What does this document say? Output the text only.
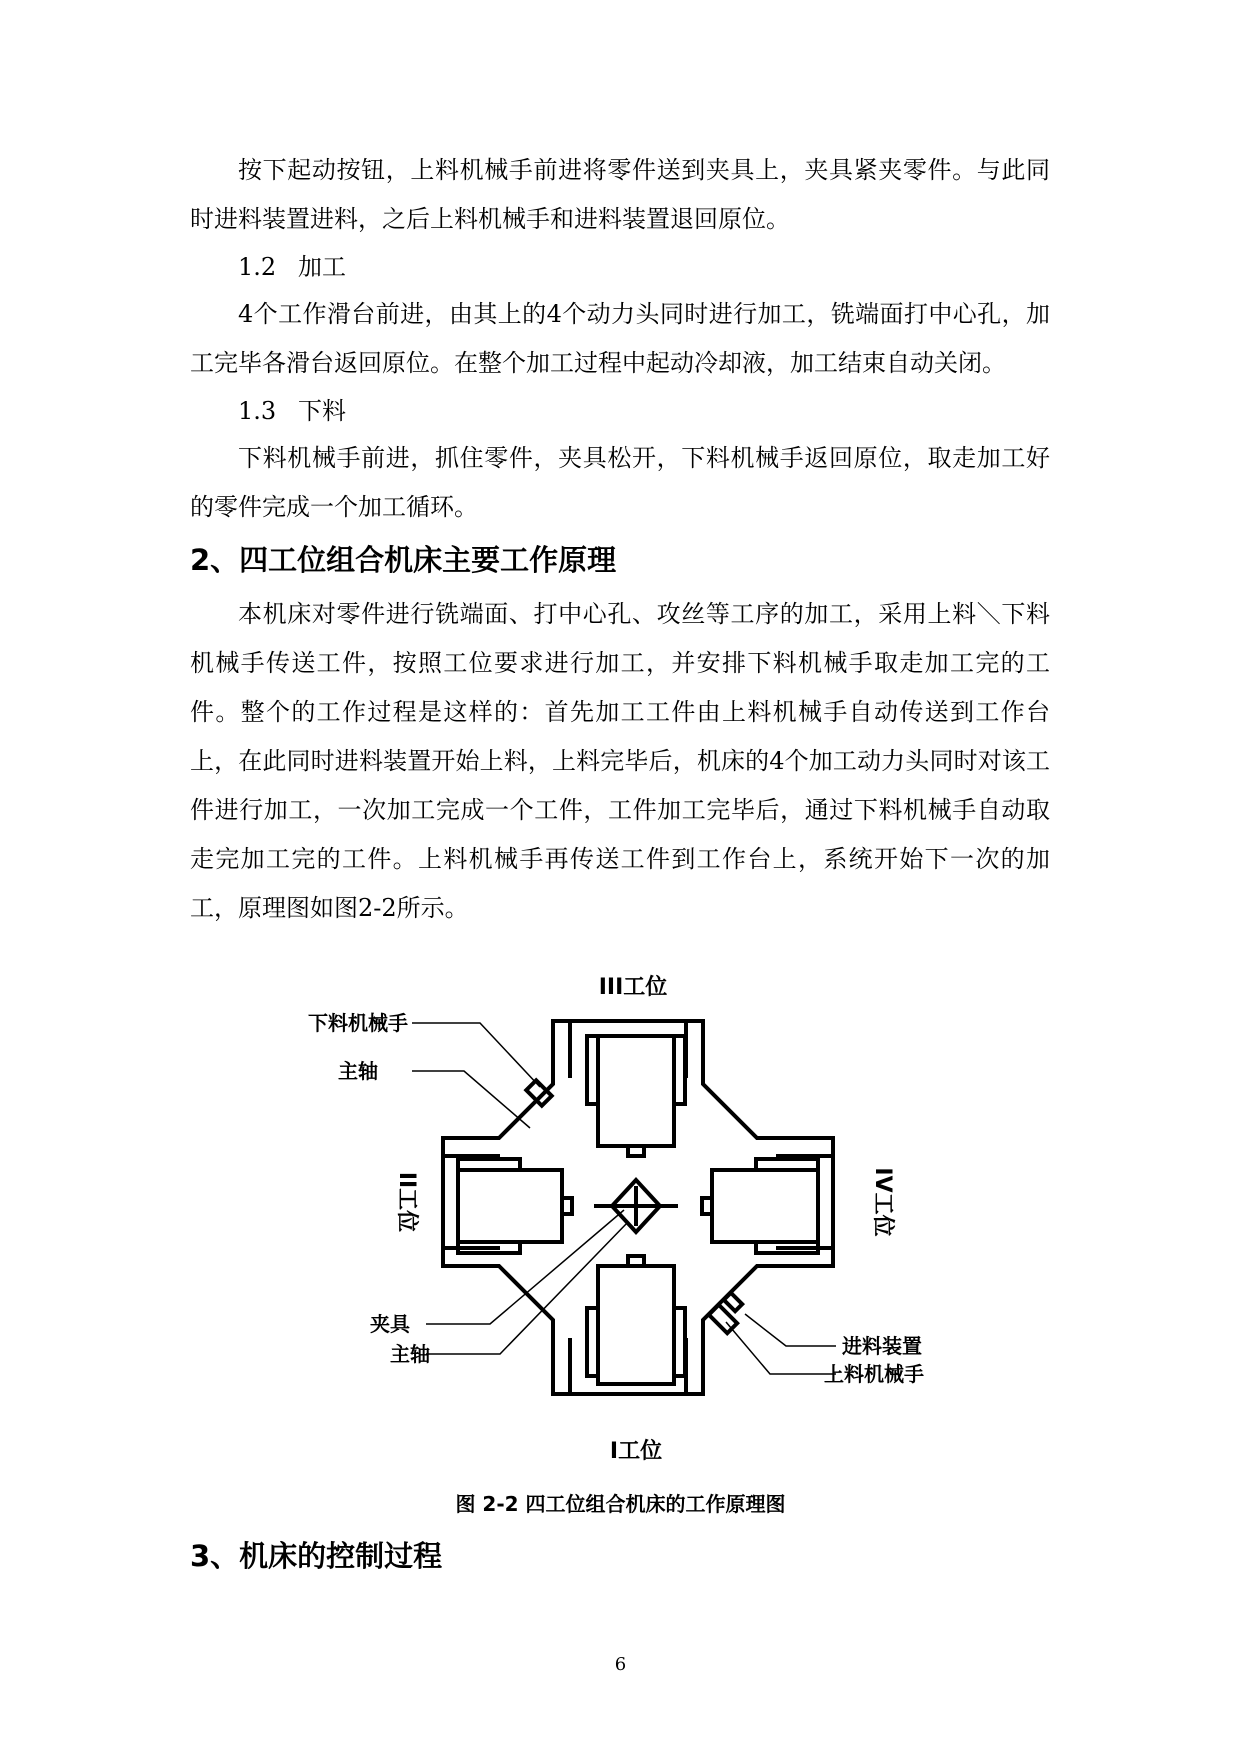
按下起动按钮，上料机械手前进将零件送到夹具上，夹具紧夹零件。与此同时进料装置进料，之后上料机械手和进料装置退回原位。

1.2 加工

4个工作滑台前进，由其上的4个动力头同时进行加工，铣端面打中心孔，加工完毕各滑台返回原位。在整个加工过程中起动冷却液，加工结束自动关闭。

1.3 下料

下料机械手前进，抓住零件，夹具松开，下料机械手返回原位，取走加工好的零件完成一个加工循环。

2、四工位组合机床主要工作原理

本机床对零件进行铣端面、打中心孔、攻丝等工序的加工，采用上料＼下料机械手传送工件，按照工位要求进行加工，并安排下料机械手取走加工完的工件。整个的工作过程是这样的：首先加工工件由上料机械手自动传送到工作台上，在此同时进料装置开始上料，上料完毕后，机床的4个加工动力头同时对该工件进行加工，一次加工完成一个工件，工件加工完毕后，通过下料机械手自动取走完加工完的工件。上料机械手再传送工件到工作台上，系统开始下一次的加工，原理图如图2-2所示。

III工位
I工位
II工位	IV工位
下料机械手
主轴
夹具
主轴	进料装置
上料机械手
图 2-2 四工位组合机床的工作原理图
3、机床的控制过程
6
